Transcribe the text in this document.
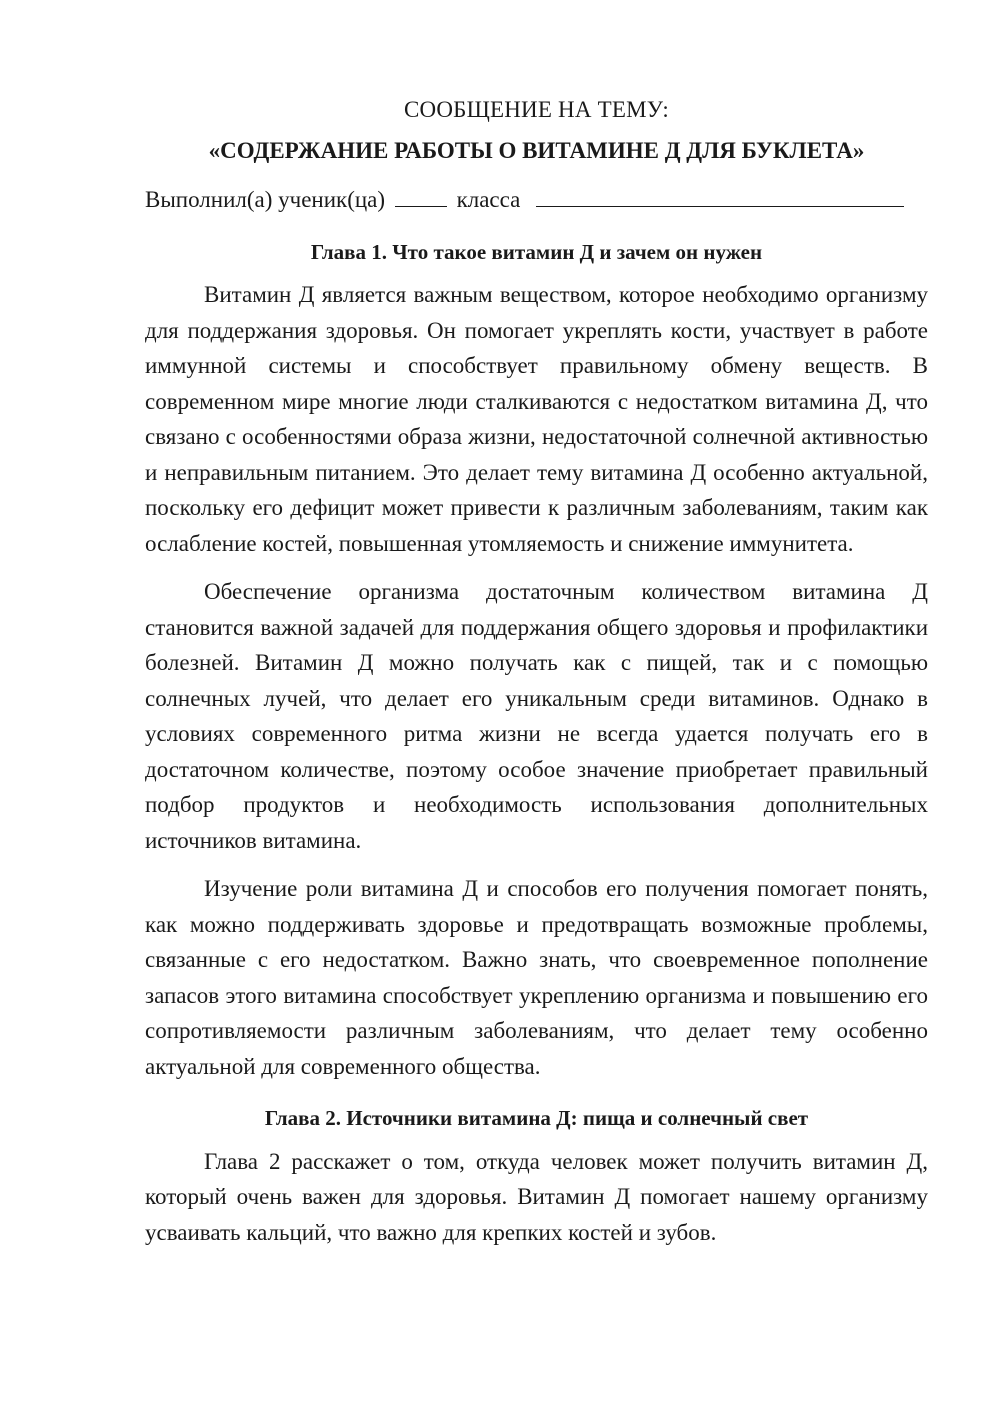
СООБЩЕНИЕ НА ТЕМУ:

«СОДЕРЖАНИЕ РАБОТЫ О ВИТАМИНЕ Д ДЛЯ БУКЛЕТА»

Выполнил(а) ученик(ца)	класса

Глава 1. Что такое витамин Д и зачем он нужен

Витамин Д является важным веществом, которое необходимо организму для поддержания здоровья. Он помогает укреплять кости, участвует в работе иммунной системы и способствует правильному обмену веществ. В современном мире многие люди сталкиваются с недостатком витамина Д, что связано с особенностями образа жизни, недостаточной солнечной активностью и неправильным питанием. Это делает тему витамина Д особенно актуальной, поскольку его дефицит может привести к различным заболеваниям, таким как ослабление костей, повышенная утомляемость и снижение иммунитета.

Обеспечение организма достаточным количеством витамина Д становится важной задачей для поддержания общего здоровья и профилактики болезней. Витамин Д можно получать как с пищей, так и с помощью солнечных лучей, что делает его уникальным среди витаминов. Однако в условиях современного ритма жизни не всегда удается получать его в достаточном количестве, поэтому особое значение приобретает правильный подбор продуктов и необходимость использования дополнительных источников витамина.

Изучение роли витамина Д и способов его получения помогает понять, как можно поддерживать здоровье и предотвращать возможные проблемы, связанные с его недостатком. Важно знать, что своевременное пополнение запасов этого витамина способствует укреплению организма и повышению его сопротивляемости различным заболеваниям, что делает тему особенно актуальной для современного общества.

Глава 2. Источники витамина Д: пища и солнечный свет

Глава 2 расскажет о том, откуда человек может получить витамин Д, который очень важен для здоровья. Витамин Д помогает нашему организму усваивать кальций, что важно для крепких костей и зубов.
